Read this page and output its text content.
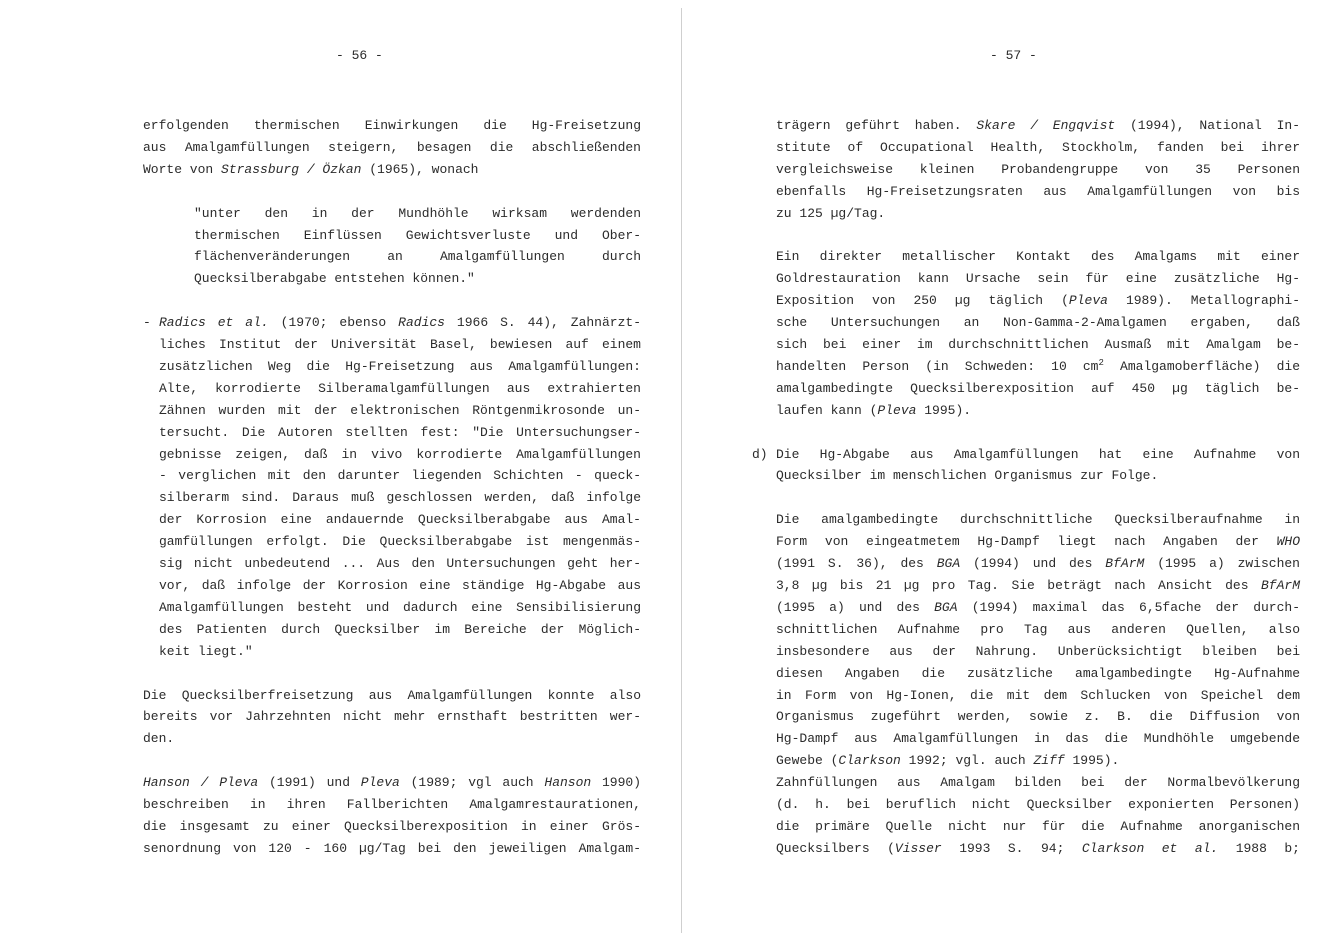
- 56 -
erfolgenden thermischen Einwirkungen die Hg-Freisetzung
aus Amalgamfüllungen steigern, besagen die abschließenden
Worte von Strassburg / Özkan (1965), wonach
"unter den in der Mundhöhle wirksam werdenden
thermischen Einflüssen Gewichtsverluste und Ober-
flächenveränderungen an Amalgamfüllungen durch
Quecksilberabgabe entstehen können."
- Radics et al. (1970; ebenso Radics 1966 S. 44), Zahnärzt-
liches Institut der Universität Basel, bewiesen auf einem
zusätzlichen Weg die Hg-Freisetzung aus Amalgamfüllungen:
Alte, korrodierte Silberamalgamfüllungen aus extrahierten
Zähnen wurden mit der elektronischen Röntgenmikrosonde un-
tersucht. Die Autoren stellten fest: "Die Untersuchungser-
gebnisse zeigen, daß in vivo korrodierte Amalgamfüllungen
- verglichen mit den darunter liegenden Schichten - queck-
silberarm sind. Daraus muß geschlossen werden, daß infolge
der Korrosion eine andauernde Quecksilberabgabe aus Amal-
gamfüllungen erfolgt. Die Quecksilberabgabe ist mengenmäs-
sig nicht unbedeutend ... Aus den Untersuchungen geht her-
vor, daß infolge der Korrosion eine ständige Hg-Abgabe aus
Amalgamfüllungen besteht und dadurch eine Sensibilisierung
des Patienten durch Quecksilber im Bereiche der Möglich-
keit liegt."
Die Quecksilberfreisetzung aus Amalgamfüllungen konnte also
bereits vor Jahrzehnten nicht mehr ernsthaft bestritten wer-
den.
Hanson / Pleva (1991) und Pleva (1989; vgl auch Hanson 1990)
beschreiben in ihren Fallberichten Amalgamrestaurationen,
die insgesamt zu einer Quecksilberexposition in einer Grös-
senordnung von 120 - 160 µg/Tag bei den jeweiligen Amalgam-
- 57 -
trägern geführt haben. Skare / Engqvist (1994), National In-
stitute of Occupational Health, Stockholm, fanden bei ihrer
vergleichsweise kleinen Probandengruppe von 35 Personen
ebenfalls Hg-Freisetzungsraten aus Amalgamfüllungen von bis
zu 125 µg/Tag.
Ein direkter metallischer Kontakt des Amalgams mit einer
Goldrestauration kann Ursache sein für eine zusätzliche Hg-
Exposition von 250 µg täglich (Pleva 1989). Metallographi-
sche Untersuchungen an Non-Gamma-2-Amalgamen ergaben, daß
sich bei einer im durchschnittlichen Ausmaß mit Amalgam be-
handelten Person (in Schweden: 10 $cm^2$ Amalgamoberfläche) die
amalgambedingte Quecksilberexposition auf 450 µg täglich be-
laufen kann (Pleva 1995).
d) Die Hg-Abgabe aus Amalgamfüllungen hat eine Aufnahme von
Quecksilber im menschlichen Organismus zur Folge.
Die amalgambedingte durchschnittliche Quecksilberaufnahme in
Form von eingeatmetem Hg-Dampf liegt nach Angaben der WHO
(1991 S. 36), des BGA (1994) und des BfArM (1995 a) zwischen
3,8 µg bis 21 µg pro Tag. Sie beträgt nach Ansicht des BfArM
(1995 a) und des BGA (1994) maximal das 6,5fache der durch-
schnittlichen Aufnahme pro Tag aus anderen Quellen, also
insbesondere aus der Nahrung. Unberücksichtigt bleiben bei
diesen Angaben die zusätzliche amalgambedingte Hg-Aufnahme
in Form von Hg-Ionen, die mit dem Schlucken von Speichel dem
Organismus zugeführt werden, sowie z. B. die Diffusion von
Hg-Dampf aus Amalgamfüllungen in das die Mundhöhle umgebende
Gewebe (Clarkson 1992; vgl. auch Ziff 1995).
Zahnfüllungen aus Amalgam bilden bei der Normalbevölkerung
(d. h. bei beruflich nicht Quecksilber exponierten Personen)
die primäre Quelle nicht nur für die Aufnahme anorganischen
Quecksilbers (Visser 1993 S. 94; Clarkson et al. 1988 b;
